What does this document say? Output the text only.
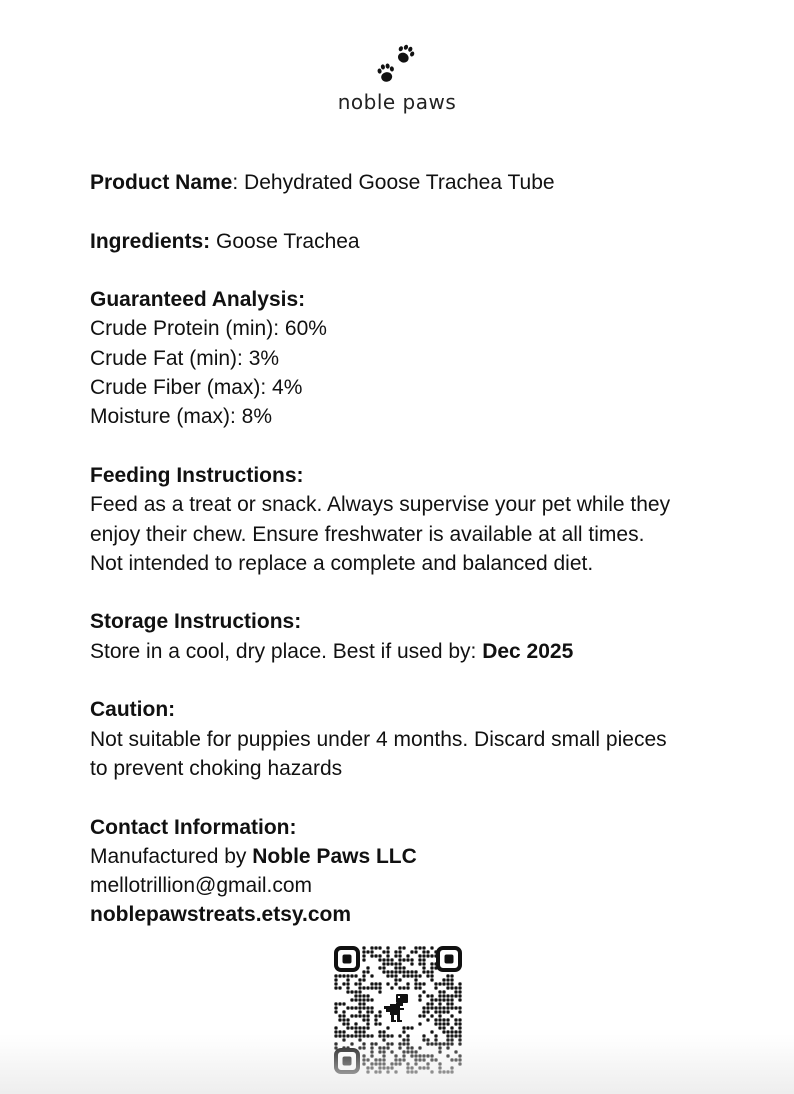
noble paws

Product Name: Dehydrated Goose Trachea Tube

Ingredients: Goose Trachea

Guaranteed Analysis:

Crude Protein (min): 60%

Crude Fat (min): 3%

Crude Fiber (max): 4%

Moisture (max): 8%

Feeding Instructions:

Feed as a treat or snack. Always supervise your pet while they

enjoy their chew. Ensure freshwater is available at all times.

Not intended to replace a complete and balanced diet.

Storage Instructions:

Store in a cool, dry place. Best if used by: Dec 2025

Caution:

Not suitable for puppies under 4 months. Discard small pieces

to prevent choking hazards

Contact Information:

Manufactured by Noble Paws LLC

mellotrillion@gmail.com

noblepawstreats.etsy.com
